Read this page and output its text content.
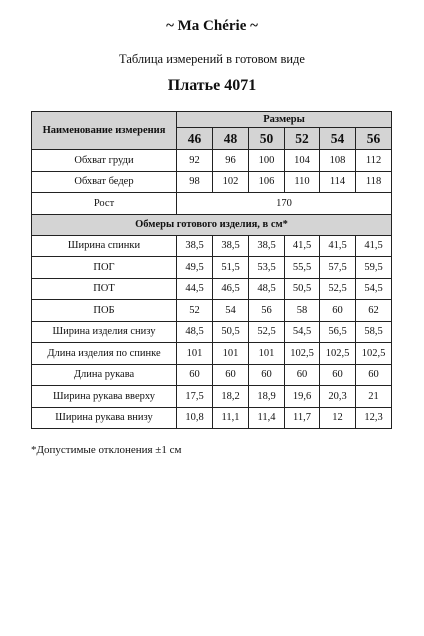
~ Ma Chérie ~
Таблица измерений в готовом виде
Платье 4071
Наименование измерения	Размеры					
	46	48	50	52	54	56
Обхват груди	92	96	100	104	108	112
Обхват бедер	98	102	106	110	114	118
Рост	170					
Обмеры готового изделия, в см*						
Ширина спинки	38,5	38,5	38,5	41,5	41,5	41,5
ПОГ	49,5	51,5	53,5	55,5	57,5	59,5
ПОТ	44,5	46,5	48,5	50,5	52,5	54,5
ПОБ	52	54	56	58	60	62
Ширина изделия снизу	48,5	50,5	52,5	54,5	56,5	58,5
Длина изделия по спинке	101	101	101	102,5	102,5	102,5
Длина рукава	60	60	60	60	60	60
Ширина рукава вверху	17,5	18,2	18,9	19,6	20,3	21
Ширина рукава внизу	10,8	11,1	11,4	11,7	12	12,3
*Допустимые отклонения ±1 см
